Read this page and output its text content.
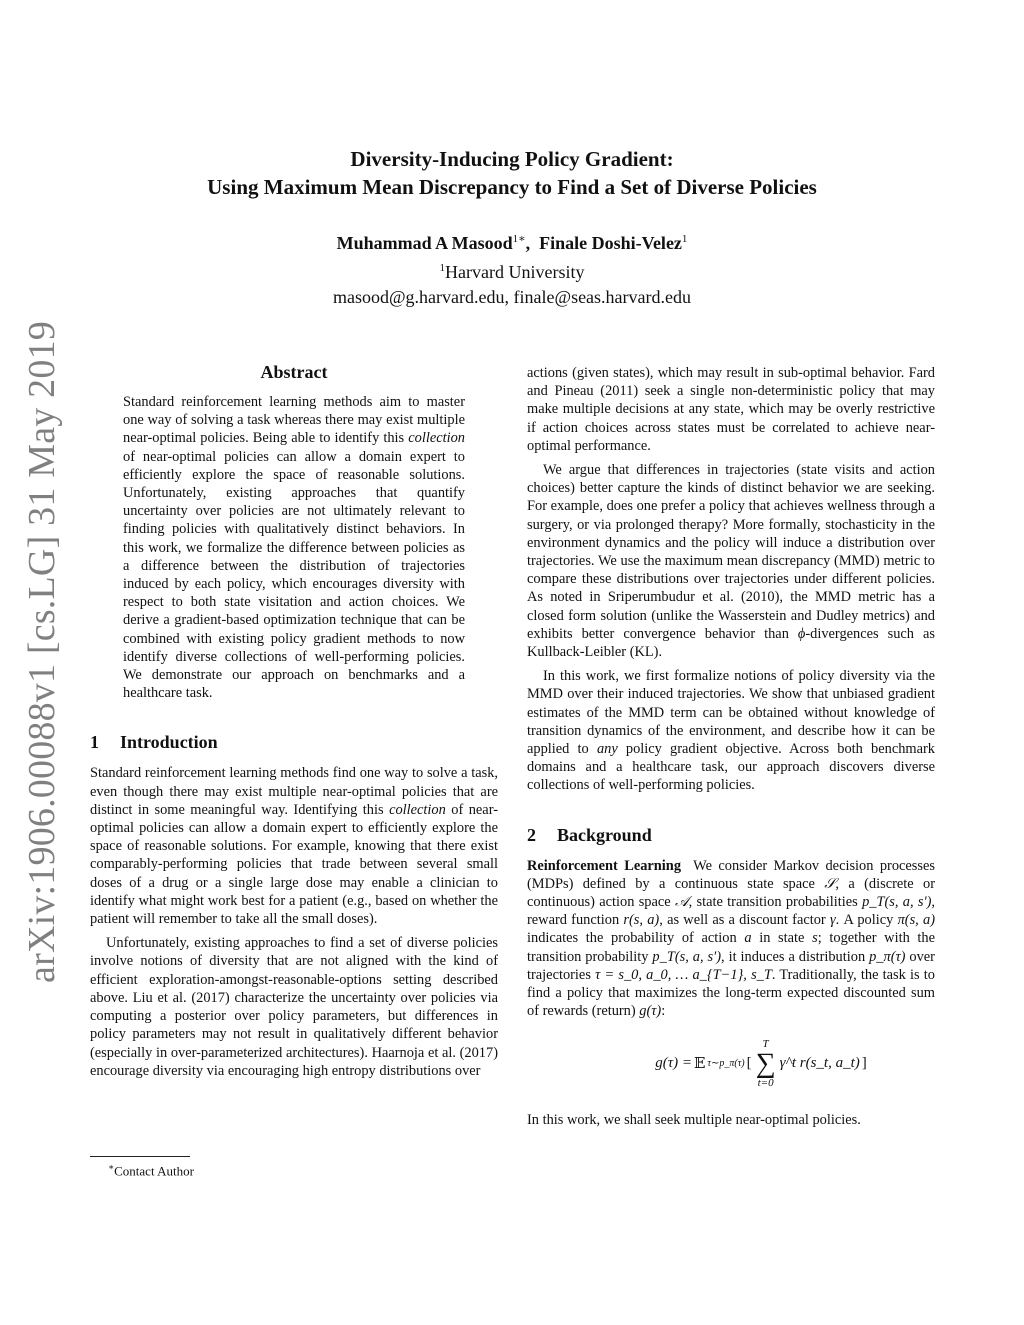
arXiv:1906.00088v1 [cs.LG] 31 May 2019
Diversity-Inducing Policy Gradient:
Using Maximum Mean Discrepancy to Find a Set of Diverse Policies
Muhammad A Masood$^{1∗}$, Finale Doshi-Velez$^1$
$^1$Harvard University
masood@g.harvard.edu, finale@seas.harvard.edu
Abstract
Standard reinforcement learning methods aim to master one way of solving a task whereas there may exist multiple near-optimal policies. Being able to identify this collection of near-optimal policies can allow a domain expert to efficiently explore the space of reasonable solutions. Unfortunately, existing approaches that quantify uncertainty over policies are not ultimately relevant to finding policies with qualitatively distinct behaviors. In this work, we formalize the difference between policies as a difference between the distribution of trajectories induced by each policy, which encourages diversity with respect to both state visitation and action choices. We derive a gradient-based optimization technique that can be combined with existing policy gradient methods to now identify diverse collections of well-performing policies. We demonstrate our approach on benchmarks and a healthcare task.
1 Introduction

Standard reinforcement learning methods find one way to solve a task, even though there may exist multiple near-optimal policies that are distinct in some meaningful way. Identifying this collection of near-optimal policies can allow a domain expert to efficiently explore the space of reasonable solutions. For example, knowing that there exist comparably-performing policies that trade between several small doses of a drug or a single large dose may enable a clinician to identify what might work best for a patient (e.g., based on whether the patient will remember to take all the small doses).

Unfortunately, existing approaches to find a set of diverse policies involve notions of diversity that are not aligned with the kind of efficient exploration-amongst-reasonable-options setting described above. Liu et al. (2017) characterize the uncertainty over policies via computing a posterior over policy parameters, but differences in policy parameters may not result in qualitatively different behavior (especially in over-parameterized architectures). Haarnoja et al. (2017) encourage diversity via encouraging high entropy distributions over

actions (given states), which may result in sub-optimal behavior. Fard and Pineau (2011) seek a single non-deterministic policy that may make multiple decisions at any state, which may be overly restrictive if action choices across states must be correlated to achieve near-optimal performance.

We argue that differences in trajectories (state visits and action choices) better capture the kinds of distinct behavior we are seeking. For example, does one prefer a policy that achieves wellness through a surgery, or via prolonged therapy? More formally, stochasticity in the environment dynamics and the policy will induce a distribution over trajectories. We use the maximum mean discrepancy (MMD) metric to compare these distributions over trajectories under different policies. As noted in Sriperumbudur et al. (2010), the MMD metric has a closed form solution (unlike the Wasserstein and Dudley metrics) and exhibits better convergence behavior than ϕ-divergences such as Kullback-Leibler (KL).

In this work, we first formalize notions of policy diversity via the MMD over their induced trajectories. We show that unbiased gradient estimates of the MMD term can be obtained without knowledge of transition dynamics of the environment, and describe how it can be applied to any policy gradient objective. Across both benchmark domains and a healthcare task, our approach discovers diverse collections of well-performing policies.

2 Background

Reinforcement Learning We consider Markov decision processes (MDPs) defined by a continuous state space 𝒮, a (discrete or continuous) action space 𝒜, state transition probabilities p_T(s, a, s′), reward function r(s, a), as well as a discount factor γ. A policy π(s, a) indicates the probability of action a in state s; together with the transition probability p_T(s, a, s′), it induces a distribution p_π(τ) over trajectories τ = s_0, a_0, … a_{T−1}, s_T. Traditionally, the task is to find a policy that maximizes the long-term expected discounted sum of rewards (return) g(τ):

g(τ) = 𝔼 τ∼p_π(τ) [
T
∑
t=0
γ^t r(s_t, a_t) ]

In this work, we shall seek multiple near-optimal policies.

∗Contact Author
